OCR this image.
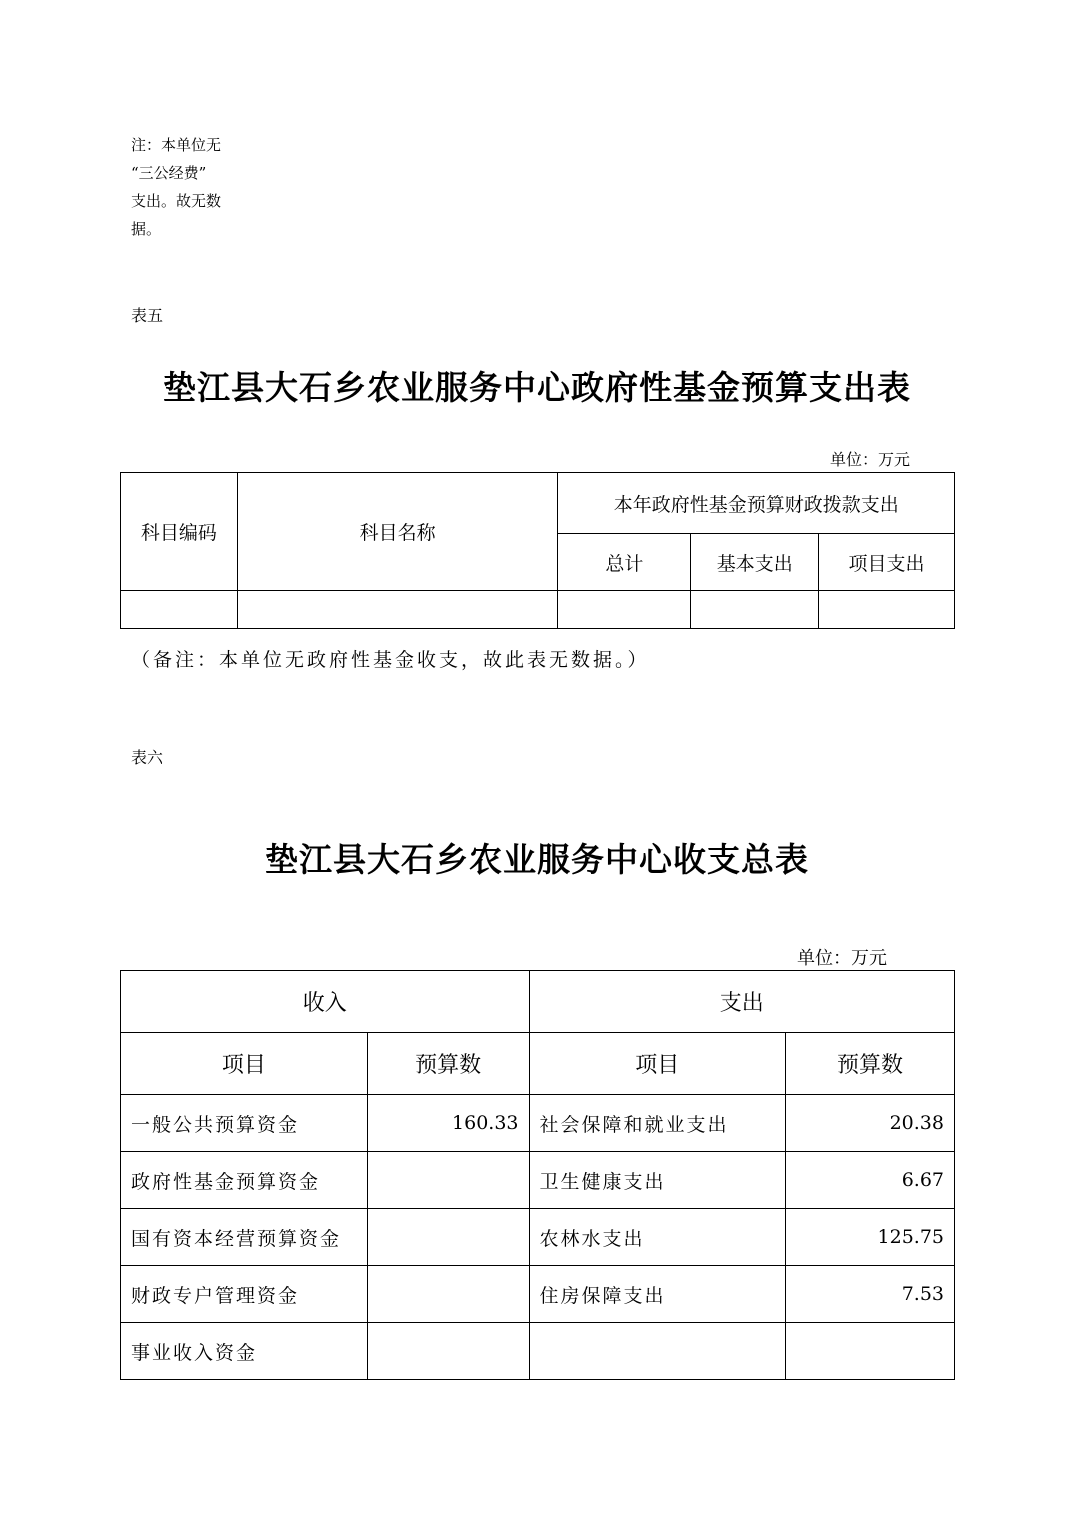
注：本单位无
“三公经费”
支出。故无数
据。
表五
垫江县大石乡农业服务中心政府性基金预算支出表
单位：万元
科目编码	科目名称	本年政府性基金预算财政拨款支出		
		总计	基本支出	项目支出

（备注：本单位无政府性基金收支，故此表无数据。）
表六
垫江县大石乡农业服务中心收支总表
单位：万元
收入		支出	
项目	预算数	项目	预算数
一般公共预算资金	160.33	社会保障和就业支出	20.38
政府性基金预算资金		卫生健康支出	6.67
国有资本经营预算资金		农林水支出	125.75
财政专户管理资金		住房保障支出	7.53
事业收入资金			
